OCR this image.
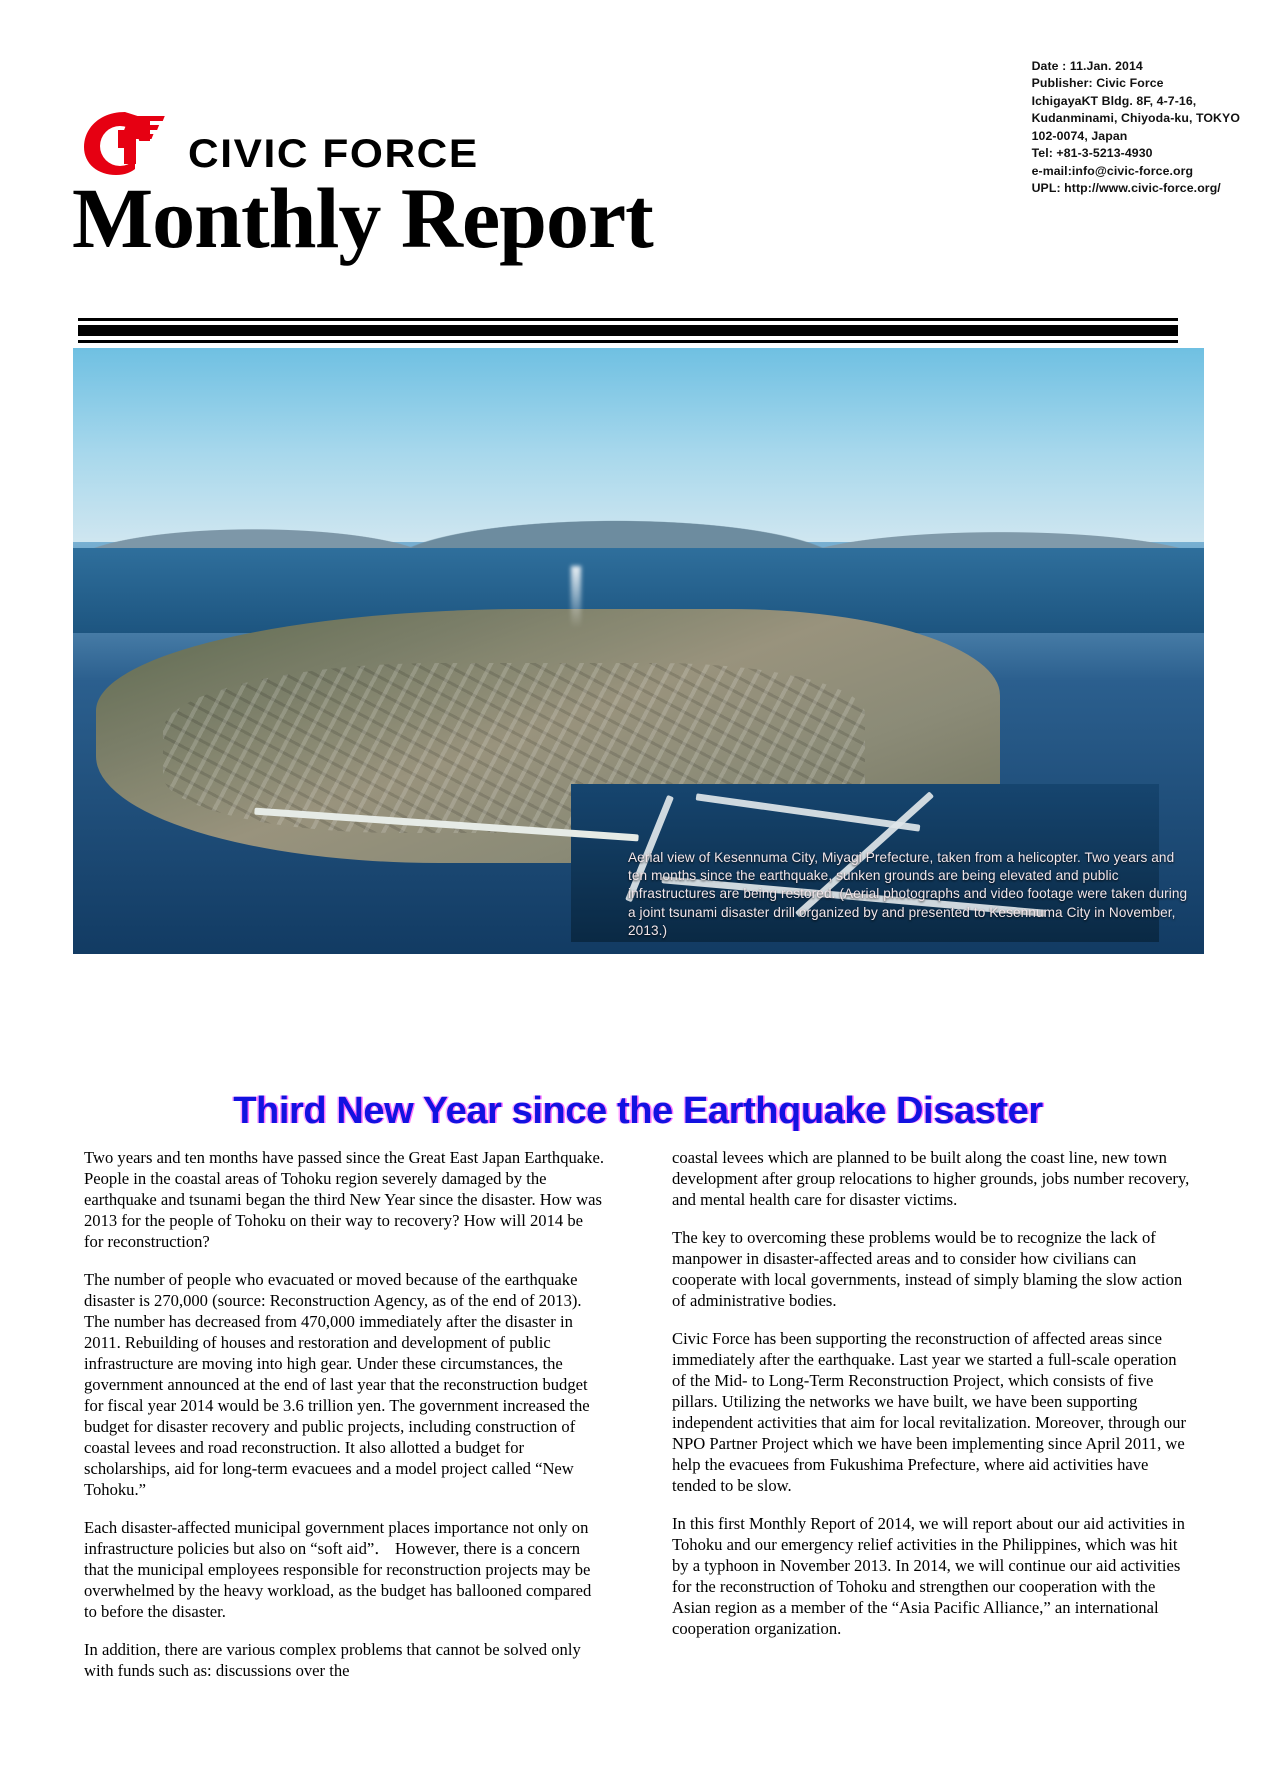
Date : 11.Jan. 2014
Publisher: Civic Force
IchigayaKT Bldg. 8F, 4-7-16,
Kudanminami, Chiyoda-ku, TOKYO
102-0074, Japan
Tel: +81-3-5213-4930
e-mail:info@civic-force.org
UPL: http://www.civic-force.org/
CIVIC FORCE
Monthly Report vol. 34
Aerial view of Kesennuma City, Miyagi Prefecture, taken from a helicopter. Two years and ten months since the earthquake, sunken grounds are being elevated and public infrastructures are being restored. (Aerial photographs and video footage were taken during a joint tsunami disaster drill organized by and presented to Kesennuma City in November, 2013.)
Third New Year since the Earthquake Disaster

Two years and ten months have passed since the Great East Japan Earthquake. People in the coastal areas of Tohoku region severely damaged by the earthquake and tsunami began the third New Year since the disaster. How was 2013 for the people of Tohoku on their way to recovery? How will 2014 be for reconstruction?

The number of people who evacuated or moved because of the earthquake disaster is 270,000 (source: Reconstruction Agency, as of the end of 2013). The number has decreased from 470,000 immediately after the disaster in 2011. Rebuilding of houses and restoration and development of public infrastructure are moving into high gear. Under these circumstances, the government announced at the end of last year that the reconstruction budget for fiscal year 2014 would be 3.6 trillion yen. The government increased the budget for disaster recovery and public projects, including construction of coastal levees and road reconstruction. It also allotted a budget for scholarships, aid for long-term evacuees and a model project called “New Tohoku.”

Each disaster-affected municipal government places importance not only on infrastructure policies but also on “soft aid”． However, there is a concern that the municipal employees responsible for reconstruction projects may be overwhelmed by the heavy workload, as the budget has ballooned compared to before the disaster.

In addition, there are various complex problems that cannot be solved only with funds such as: discussions over the

coastal levees which are planned to be built along the coast line, new town development after group relocations to higher grounds, jobs number recovery, and mental health care for disaster victims.

The key to overcoming these problems would be to recognize the lack of manpower in disaster-affected areas and to consider how civilians can cooperate with local governments, instead of simply blaming the slow action of administrative bodies.

Civic Force has been supporting the reconstruction of affected areas since immediately after the earthquake. Last year we started a full-scale operation of the Mid- to Long-Term Reconstruction Project, which consists of five pillars. Utilizing the networks we have built, we have been supporting independent activities that aim for local revitalization. Moreover, through our NPO Partner Project which we have been implementing since April 2011, we help the evacuees from Fukushima Prefecture, where aid activities have tended to be slow.

In this first Monthly Report of 2014, we will report about our aid activities in Tohoku and our emergency relief activities in the Philippines, which was hit by a typhoon in November 2013. In 2014, we will continue our aid activities for the reconstruction of Tohoku and strengthen our cooperation with the Asian region as a member of the “Asia Pacific Alliance,” an international cooperation organization.
